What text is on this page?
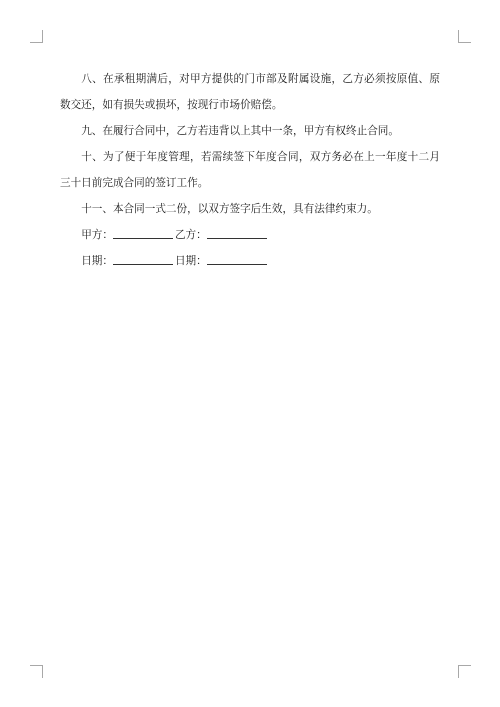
八、在承租期满后，对甲方提供的门市部及附属设施，乙方必须按原值、原数交还，如有损失或损坏，按现行市场价赔偿。

九、在履行合同中，乙方若违背以上其中一条，甲方有权终止合同。

十、为了便于年度管理，若需续签下年度合同，双方务必在上一年度十二月三十日前完成合同的签订工作。

十一、本合同一式二份，以双方签字后生效，具有法律约束力。

甲方：	乙方：

日期：	日期：
